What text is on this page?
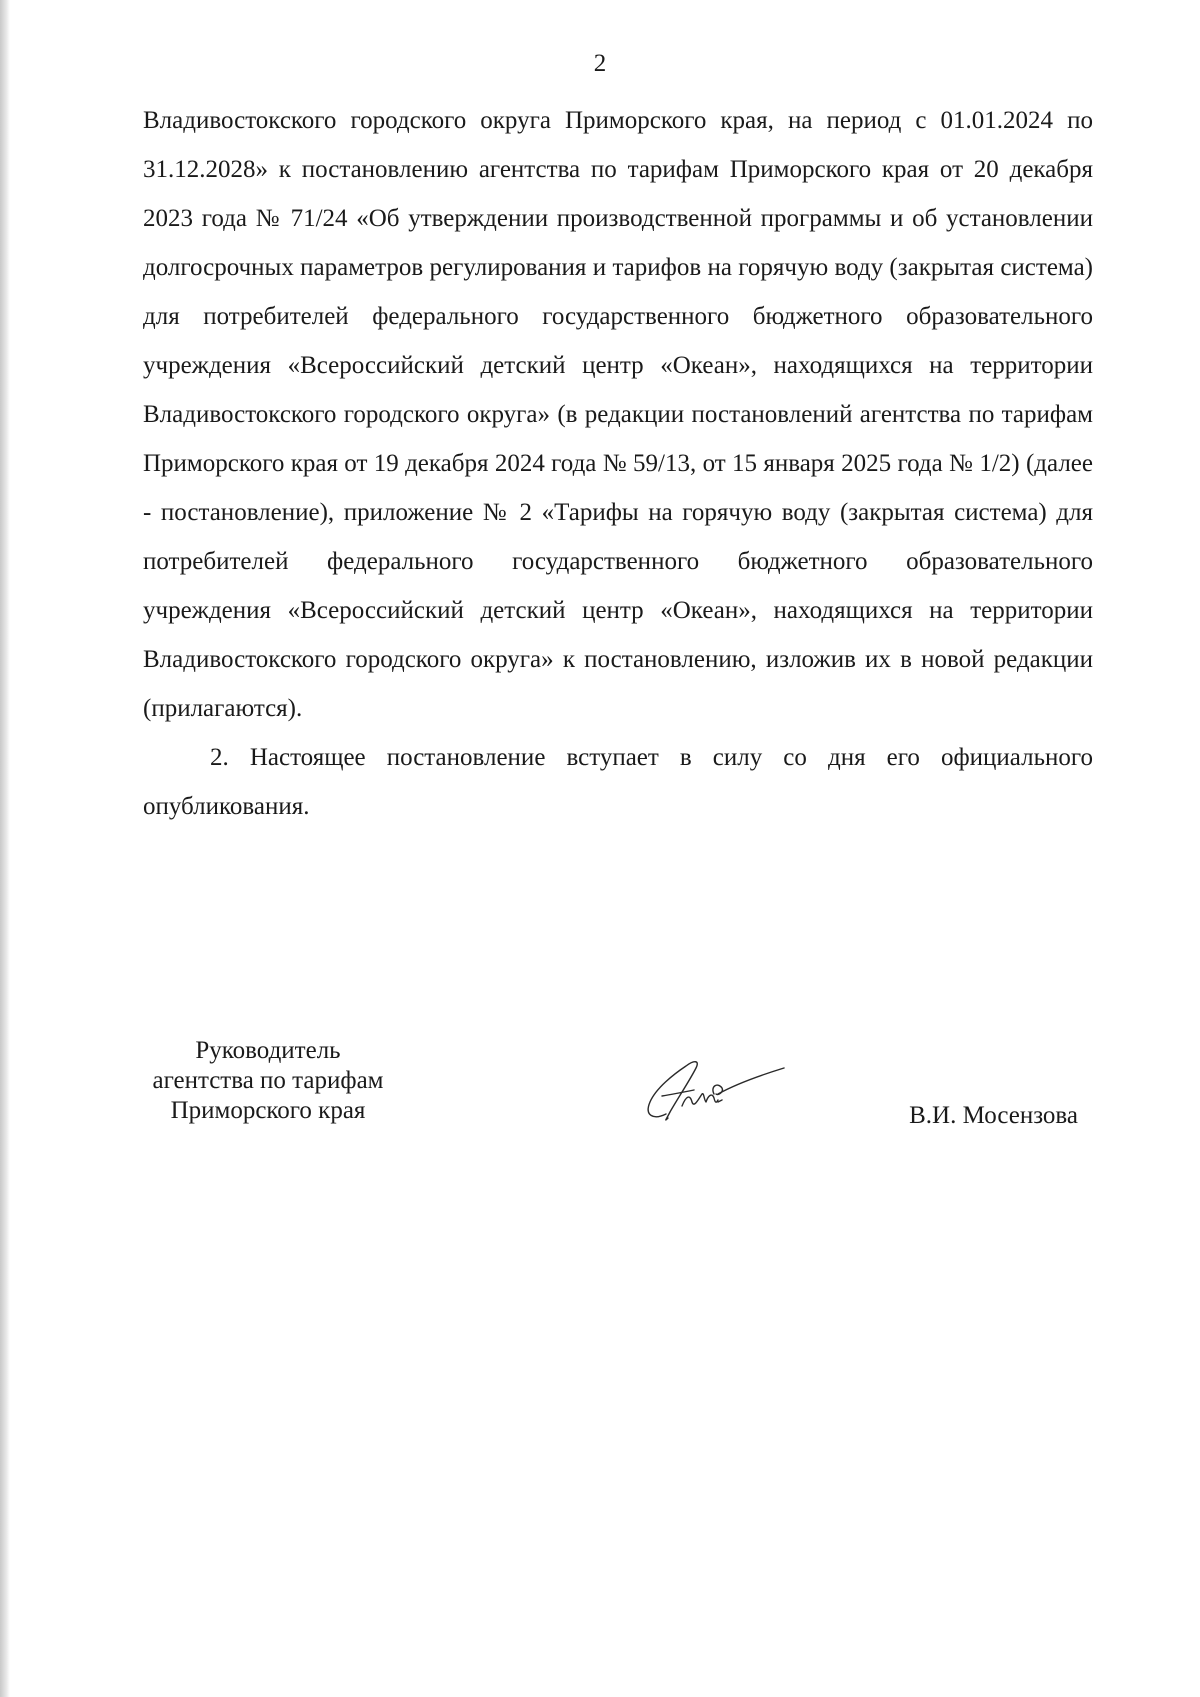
2

Владивостокского городского округа Приморского края, на период с 01.01.2024 по 31.12.2028» к постановлению агентства по тарифам Приморского края от 20 декабря 2023 года № 71/24 «Об утверждении производственной программы и об установлении долгосрочных параметров регулирования и тарифов на горячую воду (закрытая система) для потребителей федерального государственного бюджетного образовательного учреждения «Всероссийский детский центр «Океан», находящихся на территории Владивостокского городского округа» (в редакции постановлений агентства по тарифам Приморского края от 19 декабря 2024 года № 59/13, от 15 января 2025 года № 1/2) (далее - постановление), приложение № 2 «Тарифы на горячую воду (закрытая система) для потребителей федерального государственного бюджетного образовательного учреждения «Всероссийский детский центр «Океан», находящихся на территории Владивостокского городского округа» к постановлению, изложив их в новой редакции (прилагаются).

2. Настоящее постановление вступает в силу со дня его официального опубликования.

Руководитель
агентства по тарифам
Приморского края	В.И. Мосензова
